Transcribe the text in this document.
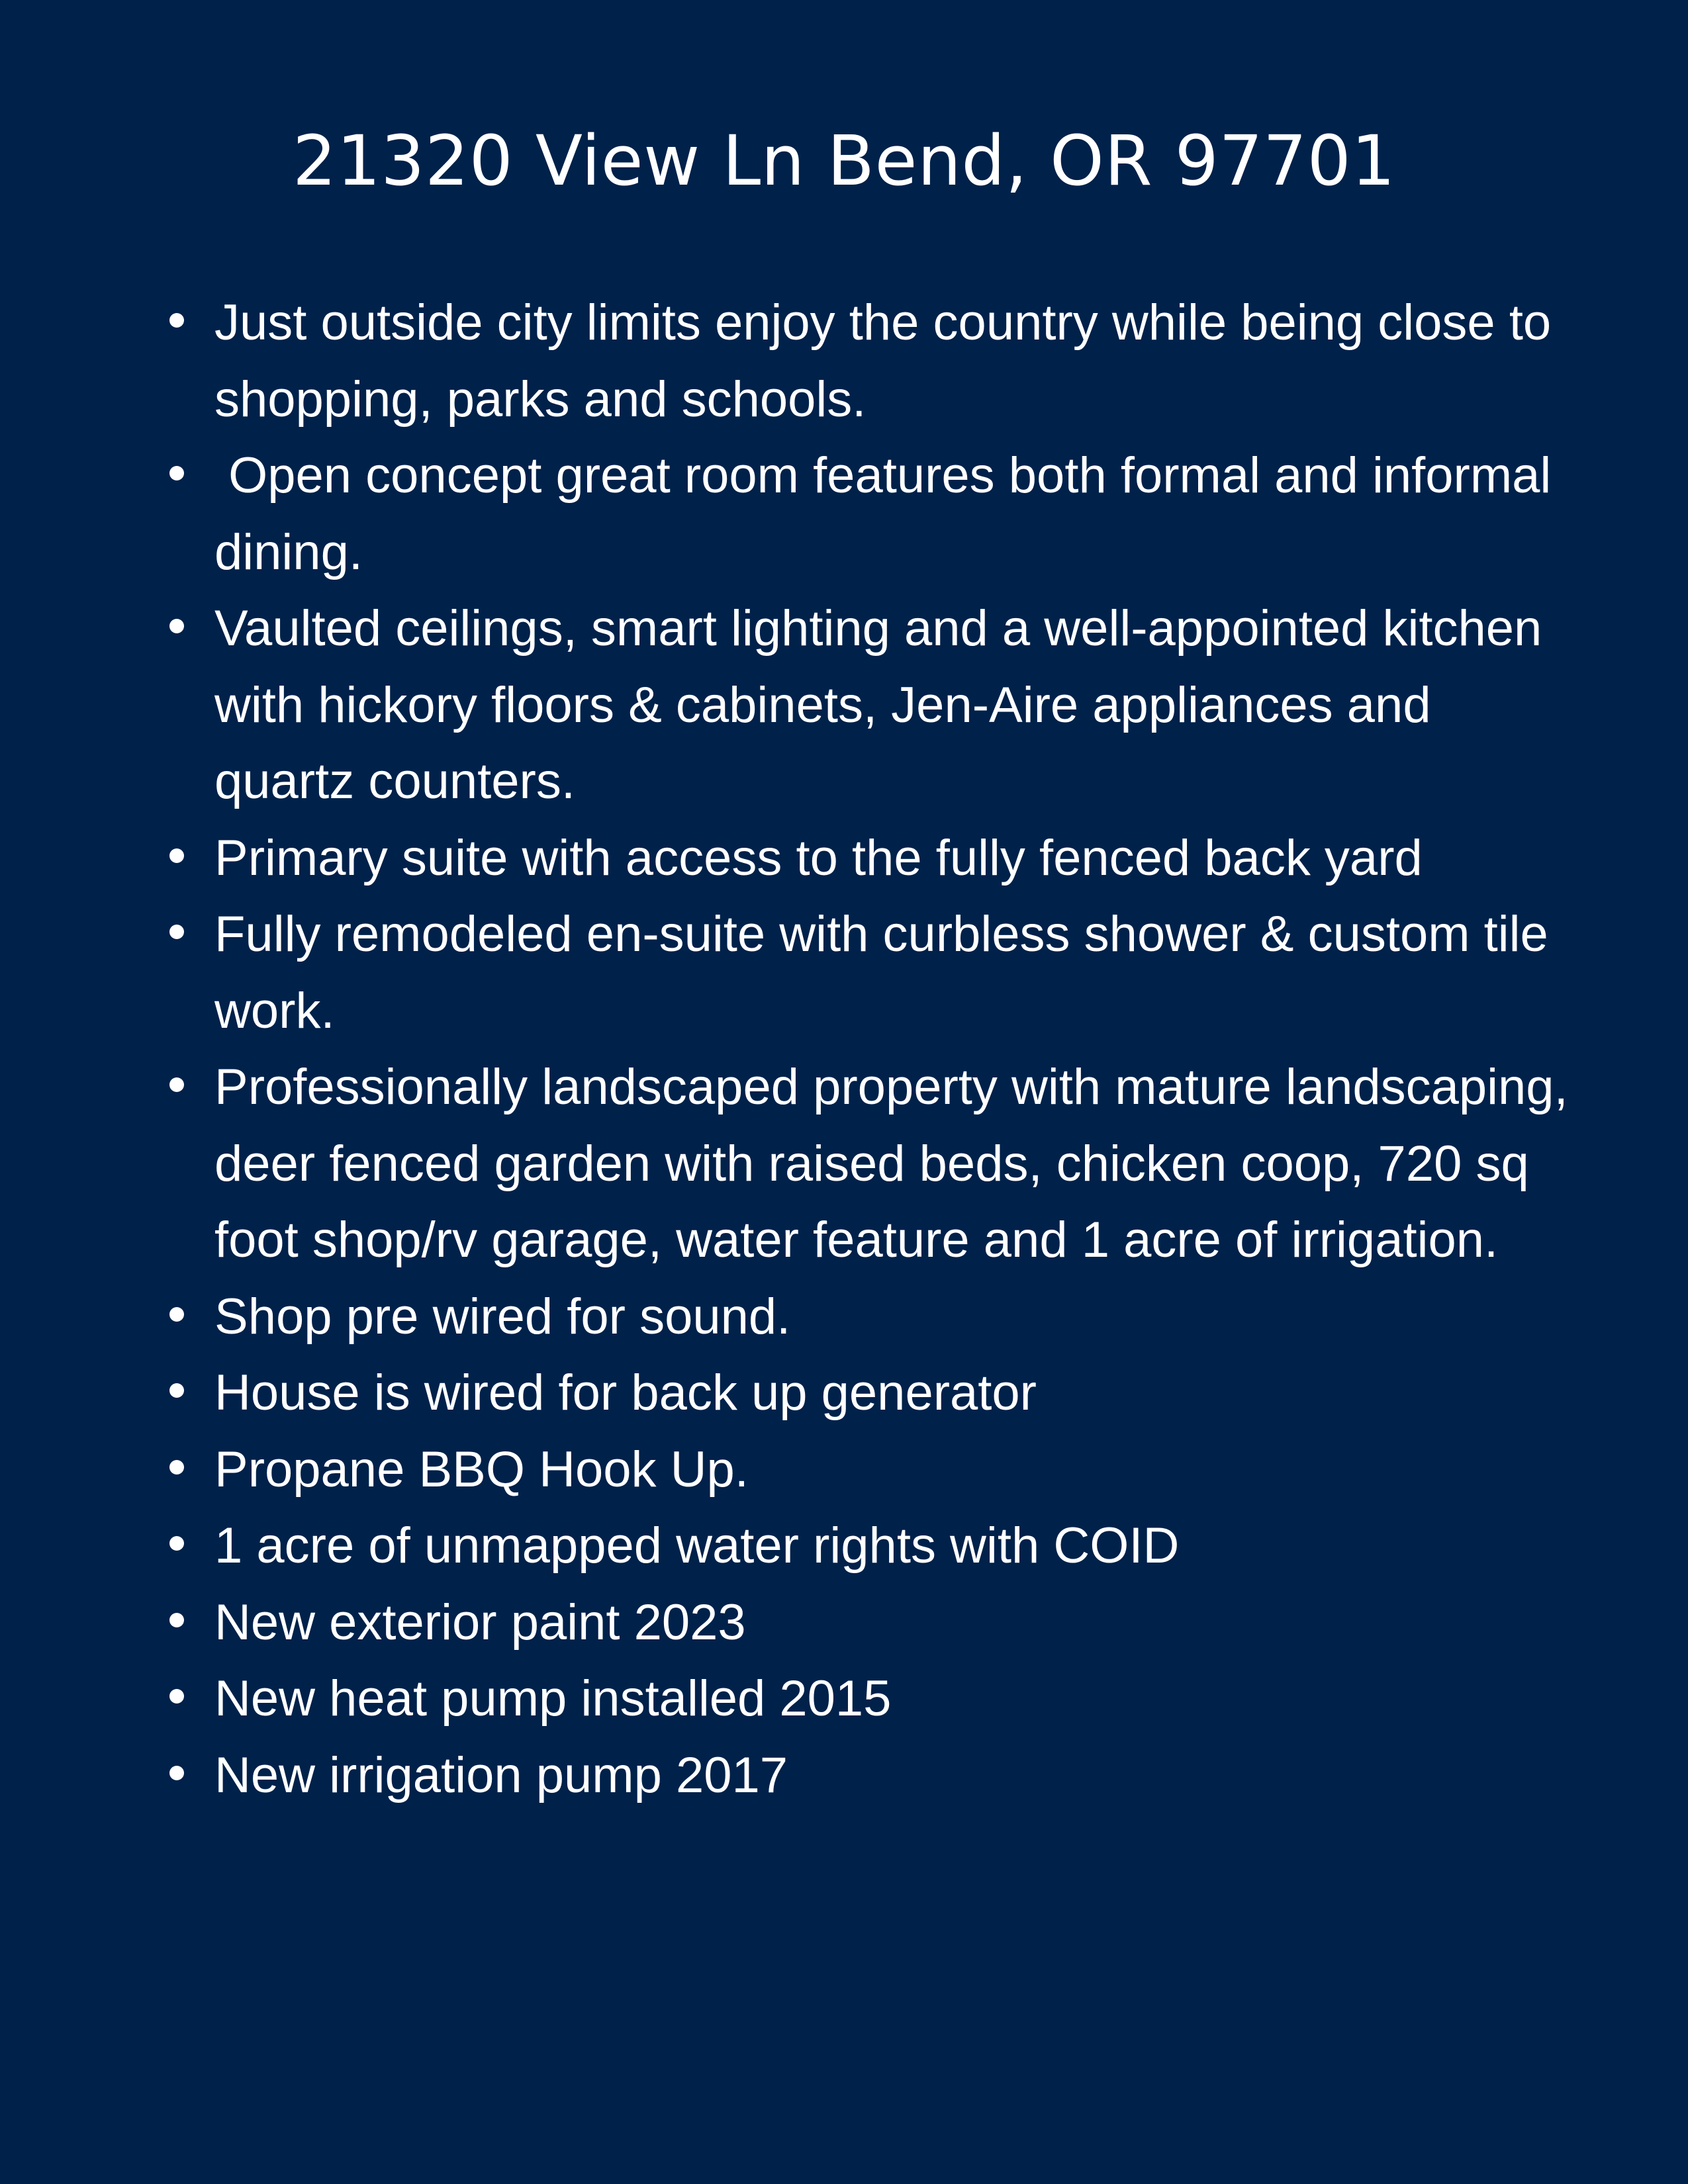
21320 View Ln Bend, OR 97701
Just outside city limits enjoy the country while being close to shopping, parks and schools.
Open concept great room features both formal and informal dining.
Vaulted ceilings, smart lighting and a well-appointed kitchen with hickory floors & cabinets, Jen-Aire appliances and quartz counters.
Primary suite with access to the fully fenced back yard
Fully remodeled en-suite with curbless shower & custom tile work.
Professionally landscaped property with mature landscaping, deer fenced garden with raised beds, chicken coop, 720 sq foot shop/rv garage, water feature and 1 acre of irrigation.
Shop pre wired for sound.
House is wired for back up generator
Propane BBQ Hook Up.
1 acre of unmapped water rights with COID
New exterior paint 2023
New heat pump installed 2015
New irrigation pump 2017
